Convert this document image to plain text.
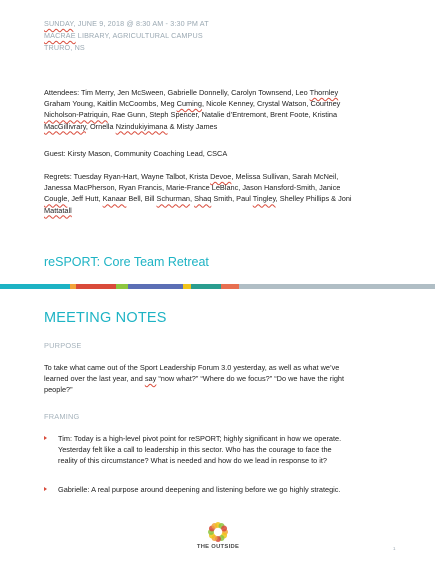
SUNDAY, JUNE 9, 2018 @ 8:30 AM - 3:30 PM AT
MACRAE LIBRARY, AGRICULTURAL CAMPUS
TRURO, NS
Attendees: Tim Merry, Jen McSween, Gabrielle Donnelly, Carolyn Townsend, Leo Thornley
Graham Young, Kaitlin McCoombs, Meg Cuming, Nicole Kenney, Crystal Watson, Courtney
Nicholson-Patriquin, Rae Gunn, Steph Spencer, Natalie d’Entremont, Brent Foote, Kristina
MacGillivrary, Ornella Nzindukiyimana & Misty James
Guest: Kirsty Mason, Community Coaching Lead, CSCA
Regrets: Tuesday Ryan-Hart, Wayne Talbot, Krista Devoe, Melissa Sullivan, Sarah McNeil,
Janessa MacPherson, Ryan Francis, Marie-France LeBlanc, Jason Hansford-Smith, Janice
Cougle, Jeff Hutt, Kanaar Bell, Bill Schurman, Shaq Smith, Paul Tingley, Shelley Phillips & Joni
Mattatall
reSPORT: Core Team Retreat
MEETING NOTES
PURPOSE
To take what came out of the Sport Leadership Forum 3.0 yesterday, as well as what we’ve
learned over the last year, and say “now what?” “Where do we focus?” “Do we have the right
people?”
FRAMING
Tim: Today is a high-level pivot point for reSPORT; highly significant in how we operate.
Yesterday felt like a call to leadership in this sector. Who has the courage to face the
reality of this circumstance? What is needed and how do we lead in response to it?
Gabrielle: A real purpose around deepening and listening before we go highly strategic.
THE OUTSIDE	1
